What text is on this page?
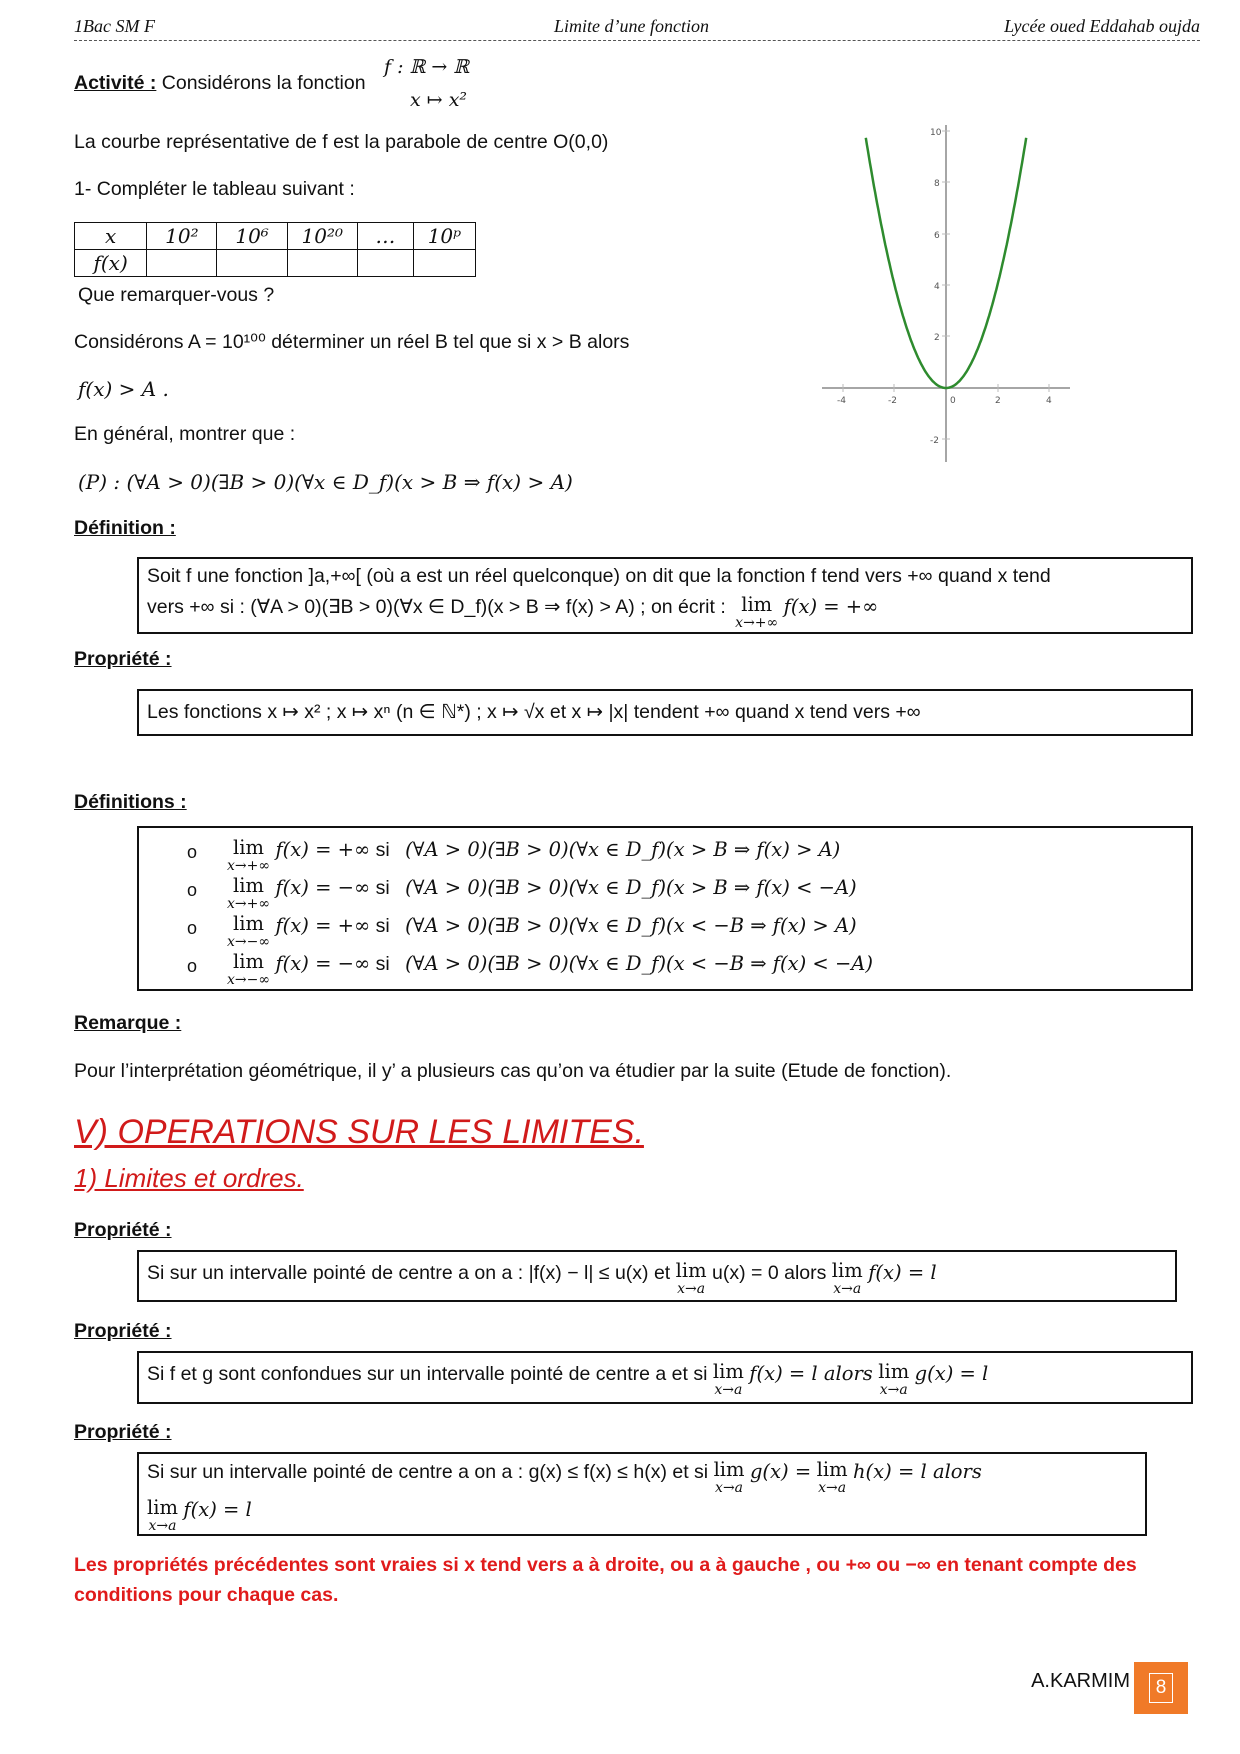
1Bac SM F	Limite d’une fonction	Lycée oued Eddahab oujda
Activité : Considérons la fonction
f : ℝ → ℝ
x ↦ x²
La courbe représentative de f est la parabole de centre O(0,0)
1- Compléter le tableau suivant :
x	10²	10⁶	10²⁰	…	10ᵖ
f(x)					
Que remarquer-vous ?
Considérons A = 10¹⁰⁰ déterminer un réel B tel que si x > B alors
f(x) > A .
En général, montrer que :
(P) : (∀A > 0)(∃B > 0)(∀x ∈ D_f)(x > B ⇒ f(x) > A)
10
8
6
4
2
-2
-4	-2	0	2	4
Définition :
Soit f une fonction ]a,+∞[ (où a est un réel quelconque) on dit que la fonction f tend vers +∞ quand x tend
vers +∞ si : (∀A > 0)(∃B > 0)(∀x ∈ D_f)(x > B ⇒ f(x) > A) ; on écrit : lim
x→+∞
f(x) = +∞
Propriété :
Les fonctions x ↦ x² ; x ↦ xⁿ (n ∈ ℕ*) ; x ↦ √x et x ↦ |x| tendent +∞ quand x tend vers +∞
Définitions :
o	lim
x→+∞
f(x) = +∞ si (∀A > 0)(∃B > 0)(∀x ∈ D_f)(x > B ⇒ f(x) > A)
o	lim
x→+∞
f(x) = −∞ si (∀A > 0)(∃B > 0)(∀x ∈ D_f)(x > B ⇒ f(x) < −A)
o	lim
x→−∞
f(x) = +∞ si (∀A > 0)(∃B > 0)(∀x ∈ D_f)(x < −B ⇒ f(x) > A)
o	lim
x→−∞
f(x) = −∞ si (∀A > 0)(∃B > 0)(∀x ∈ D_f)(x < −B ⇒ f(x) < −A)
Remarque :
Pour l’interprétation géométrique, il y’ a plusieurs cas qu’on va étudier par la suite (Etude de fonction).
V) OPERATIONS SUR LES LIMITES.
1) Limites et ordres.
Propriété :
Si sur un intervalle pointé de centre a on a : |f(x) − l| ≤ u(x) et lim
x→a
u(x) = 0 alors lim
x→a
f(x) = l
Propriété :
Si f et g sont confondues sur un intervalle pointé de centre a et si lim
x→a
f(x) = l alors lim
x→a
g(x) = l
Propriété :
Si sur un intervalle pointé de centre a on a : g(x) ≤ f(x) ≤ h(x) et si lim
x→a
g(x) = lim
x→a
h(x) = l alors
lim
x→a
f(x) = l
Les propriétés précédentes sont vraies si x tend vers a à droite, ou a à gauche , ou +∞ ou −∞ en tenant compte des conditions pour chaque cas.
A.KARMIM	8
